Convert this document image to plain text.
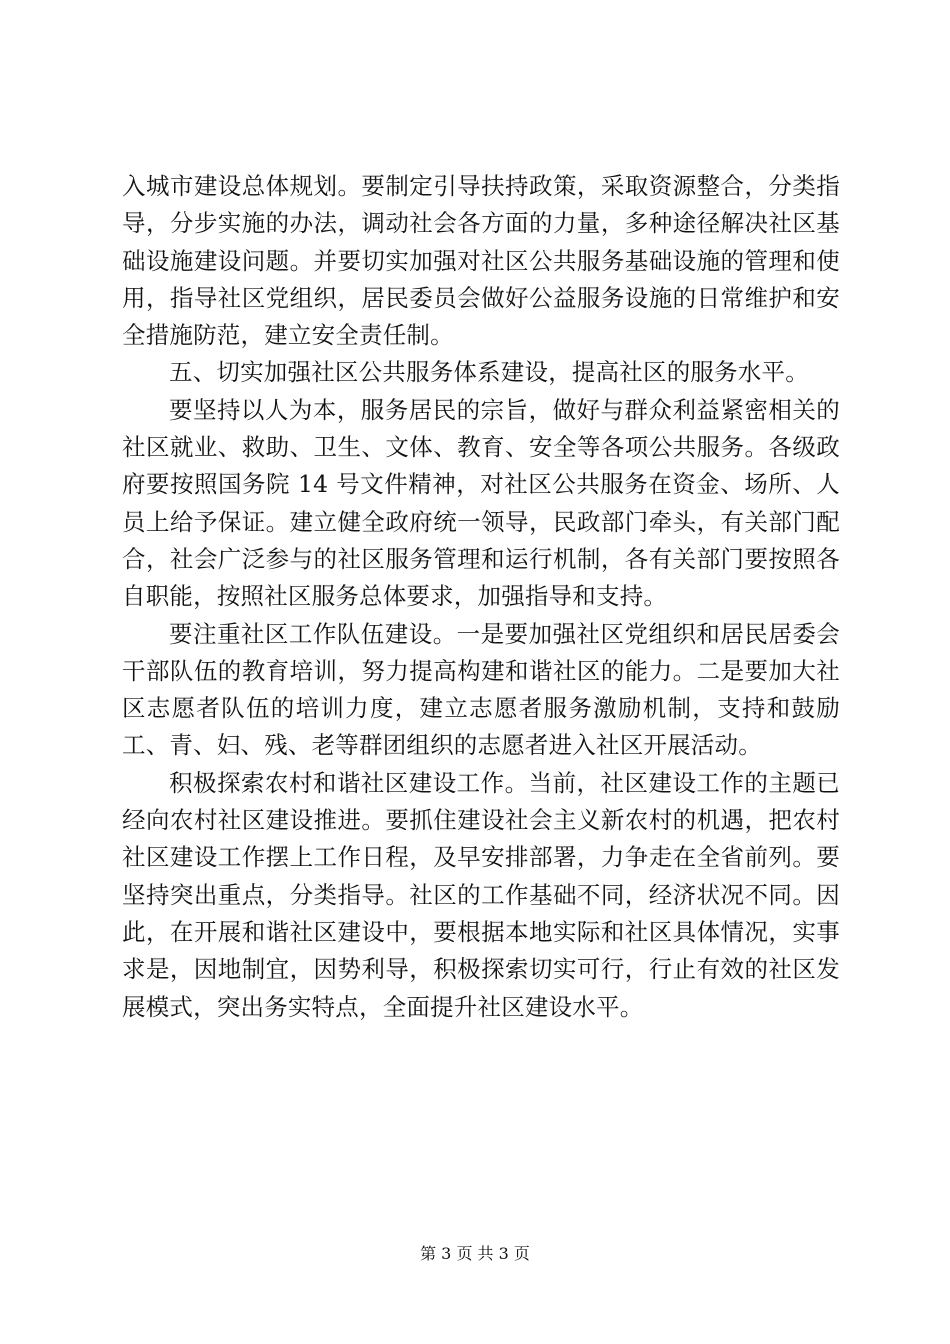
入城市建设总体规划。要制定引导扶持政策，采取资源整合，分类指导，分步实施的办法，调动社会各方面的力量，多种途径解决社区基础设施建设问题。并要切实加强对社区公共服务基础设施的管理和使用，指导社区党组织，居民委员会做好公益服务设施的日常维护和安全措施防范，建立安全责任制。

五、切实加强社区公共服务体系建设，提高社区的服务水平。

要坚持以人为本，服务居民的宗旨，做好与群众利益紧密相关的社区就业、救助、卫生、文体、教育、安全等各项公共服务。各级政府要按照国务院 14 号文件精神，对社区公共服务在资金、场所、人员上给予保证。建立健全政府统一领导，民政部门牵头，有关部门配合，社会广泛参与的社区服务管理和运行机制，各有关部门要按照各自职能，按照社区服务总体要求，加强指导和支持。

要注重社区工作队伍建设。一是要加强社区党组织和居民居委会干部队伍的教育培训，努力提高构建和谐社区的能力。二是要加大社区志愿者队伍的培训力度，建立志愿者服务激励机制，支持和鼓励工、青、妇、残、老等群团组织的志愿者进入社区开展活动。

积极探索农村和谐社区建设工作。当前，社区建设工作的主题已经向农村社区建设推进。要抓住建设社会主义新农村的机遇，把农村社区建设工作摆上工作日程，及早安排部署，力争走在全省前列。要坚持突出重点，分类指导。社区的工作基础不同，经济状况不同。因此，在开展和谐社区建设中，要根据本地实际和社区具体情况，实事求是，因地制宜，因势利导，积极探索切实可行，行止有效的社区发展模式，突出务实特点，全面提升社区建设水平。

第 3 页 共 3 页
